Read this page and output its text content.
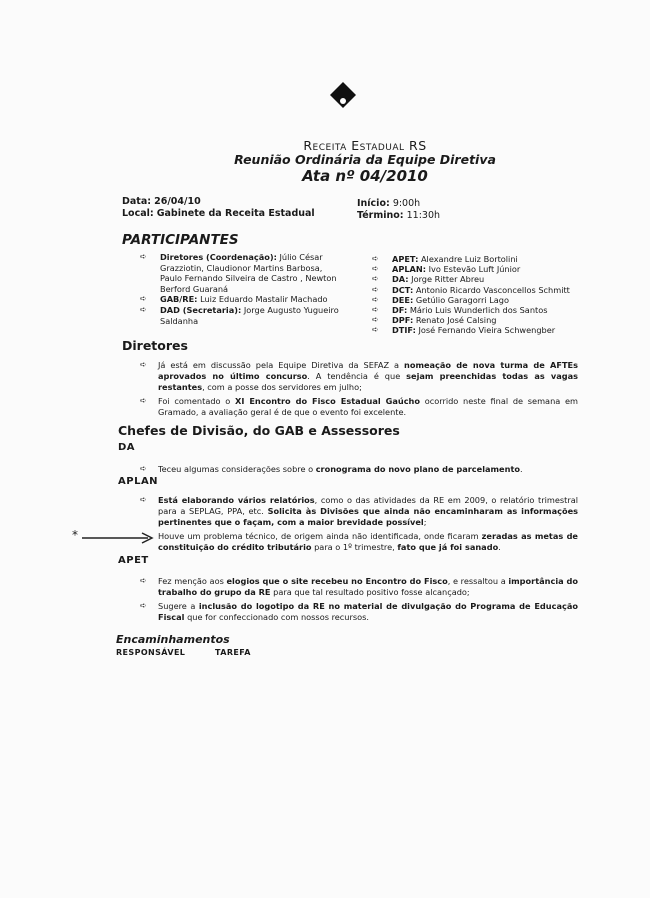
Receita Estadual RS
Reunião Ordinária da Equipe Diretiva
Ata nº 04/2010
Data: 26/04/10
Local: Gabinete da Receita Estadual
Início: 9:00h
Término: 11:30h
PARTICIPANTES
➪ Diretores (Coordenação): Júlio César Grazziotin, Claudionor Martins Barbosa, Paulo Fernando Silveira de Castro , Newton Berford Guaraná
➪ GAB/RE: Luiz Eduardo Mastalir Machado
➪ DAD (Secretaria): Jorge Augusto Yugueiro Saldanha
➪ APET: Alexandre Luiz Bortolini
➪ APLAN: Ivo Estevão Luft Júnior
➪ DA: Jorge Ritter Abreu
➪ DCT: Antonio Ricardo Vasconcellos Schmitt
➪ DEE: Getúlio Garagorri Lago
➪ DF: Mário Luis Wunderlich dos Santos
➪ DPF: Renato José Calsing
➪ DTIF: José Fernando Vieira Schwengber
Diretores
➪ Já está em discussão pela Equipe Diretiva da SEFAZ a nomeação de nova turma de AFTEs aprovados no último concurso. A tendência é que sejam preenchidas todas as vagas restantes, com a posse dos servidores em julho;
➪ Foi comentado o XI Encontro do Fisco Estadual Gaúcho ocorrido neste final de semana em Gramado, a avaliação geral é de que o evento foi excelente.
Chefes de Divisão, do GAB e Assessores
DA
➪ Teceu algumas considerações sobre o cronograma do novo plano de parcelamento.
APLAN
➪ Está elaborando vários relatórios, como o das atividades da RE em 2009, o relatório trimestral para a SEPLAG, PPA, etc. Solicita às Divisões que ainda não encaminharam as informações pertinentes que o façam, com a maior brevidade possível;
*	Houve um problema técnico, de origem ainda não identificada, onde ficaram zeradas as metas de constituição do crédito tributário para o 1º trimestre, fato que já foi sanado.
APET
➪ Fez menção aos elogios que o site recebeu no Encontro do Fisco, e ressaltou a importância do trabalho do grupo da RE para que tal resultado positivo fosse alcançado;
➪ Sugere a inclusão do logotipo da RE no material de divulgação do Programa de Educação Fiscal que for confeccionado com nossos recursos.
Encaminhamentos
RESPONSÁVEL	TAREFA
